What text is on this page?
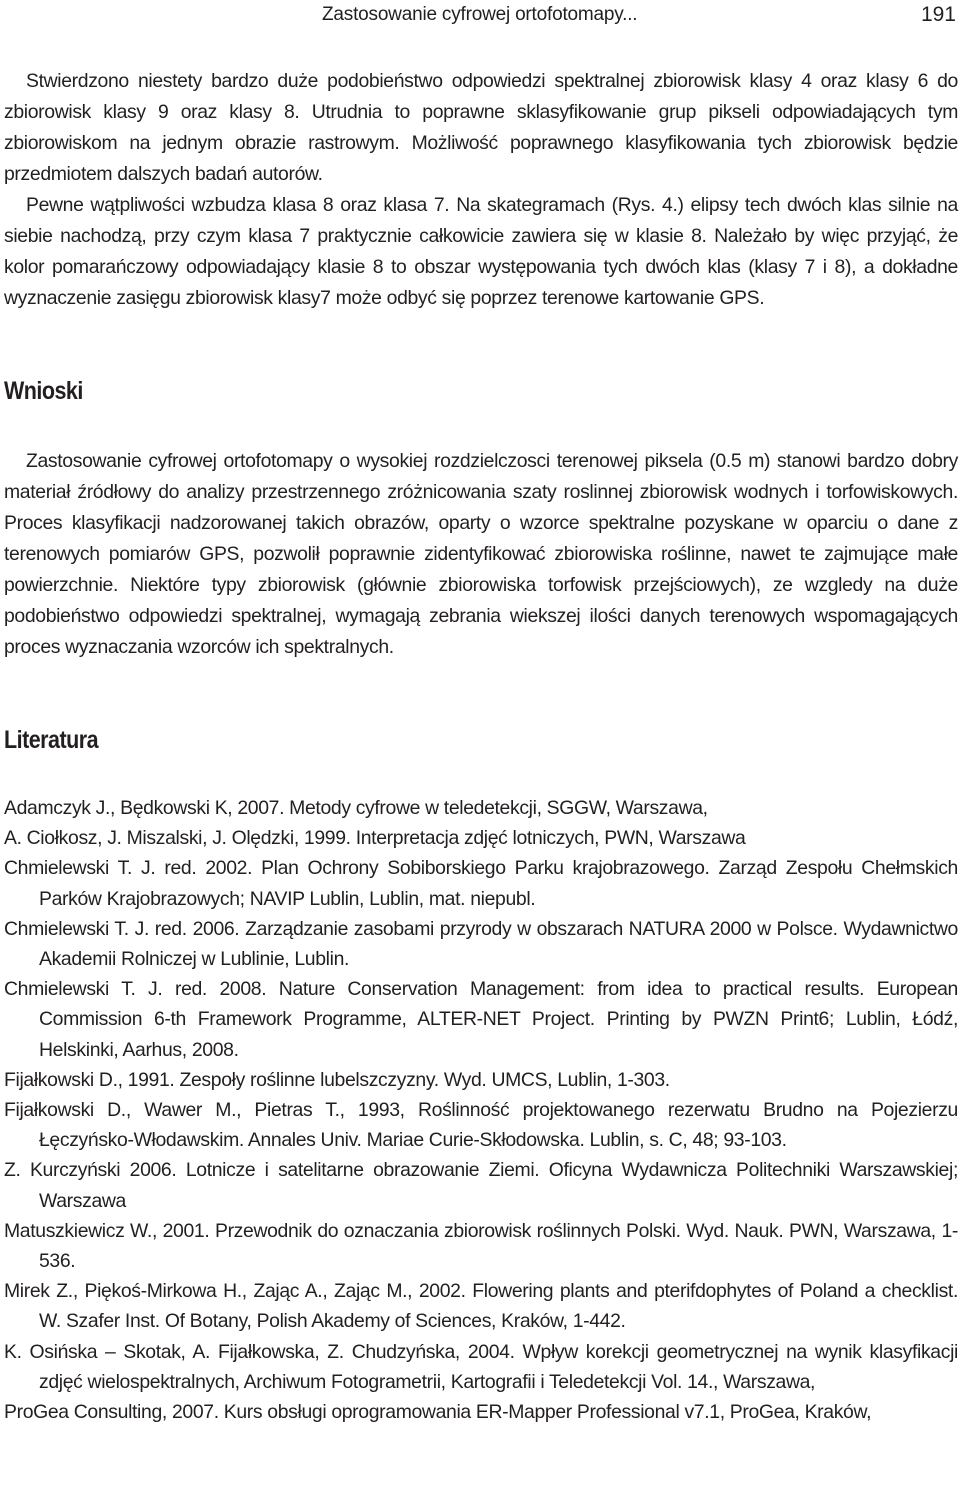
Zastosowanie cyfrowej ortofotomapy...	191

Stwierdzono niestety bardzo duże podobieństwo odpowiedzi spektralnej zbiorowisk klasy 4 oraz klasy 6 do zbiorowisk klasy 9 oraz klasy 8. Utrudnia to poprawne sklasyfikowanie grup pikseli odpowiadających tym zbiorowiskom na jednym obrazie rastrowym. Możliwość poprawnego klasyfikowania tych zbiorowisk będzie przedmiotem dalszych badań autorów.

Pewne wątpliwości wzbudza klasa 8 oraz klasa 7. Na skategramach (Rys. 4.) elipsy tech dwóch klas silnie na siebie nachodzą, przy czym klasa 7 praktycznie całkowicie zawiera się w klasie 8. Należało by więc przyjąć, że kolor pomarańczowy odpowiadający klasie 8 to obszar występowania tych dwóch klas (klasy 7 i 8), a dokładne wyznaczenie zasięgu zbiorowisk klasy7 może odbyć się poprzez terenowe kartowanie GPS.

Wnioski

Zastosowanie cyfrowej ortofotomapy o wysokiej rozdzielczosci terenowej piksela (0.5 m) stanowi bardzo dobry materiał źródłowy do analizy przestrzennego zróżnicowania szaty roslinnej zbiorowisk wodnych i torfowiskowych. Proces klasyfikacji nadzorowanej takich obrazów, oparty o wzorce spektralne pozyskane w oparciu o dane z terenowych pomiarów GPS, pozwolił poprawnie zidentyfikować zbiorowiska roślinne, nawet te zajmujące małe powierzchnie. Niektóre typy zbiorowisk (głównie zbiorowiska torfowisk przejściowych), ze wzgledy na duże podobieństwo odpowiedzi spektralnej, wymagają zebrania wiekszej ilości danych terenowych wspomagających proces wyznaczania wzorców ich spektralnych.

Literatura
Adamczyk J., Będkowski K, 2007. Metody cyfrowe w teledetekcji, SGGW, Warszawa,
A. Ciołkosz, J. Miszalski, J. Olędzki, 1999. Interpretacja zdjęć lotniczych, PWN, Warszawa
Chmielewski T. J. red. 2002. Plan Ochrony Sobiborskiego Parku krajobrazowego. Zarząd Zespołu Chełmskich Parków Krajobrazowych; NAVIP Lublin, Lublin, mat. niepubl.
Chmielewski T. J. red. 2006. Zarządzanie zasobami przyrody w obszarach NATURA 2000 w Polsce. Wydawnictwo Akademii Rolniczej w Lublinie, Lublin.
Chmielewski T. J. red. 2008. Nature Conservation Management: from idea to practical results. European Commission 6-th Framework Programme, ALTER-NET Project. Printing by PWZN Print6; Lublin, Łódź, Helskinki, Aarhus, 2008.
Fijałkowski D., 1991. Zespoły roślinne lubelszczyzny. Wyd. UMCS, Lublin, 1-303.
Fijałkowski D., Wawer M., Pietras T., 1993, Roślinność projektowanego rezerwatu Brudno na Pojezierzu Łęczyńsko-Włodawskim. Annales Univ. Mariae Curie-Skłodowska. Lublin, s. C, 48; 93-103.
Z. Kurczyński 2006. Lotnicze i satelitarne obrazowanie Ziemi. Oficyna Wydawnicza Politechniki Warszawskiej; Warszawa
Matuszkiewicz W., 2001. Przewodnik do oznaczania zbiorowisk roślinnych Polski. Wyd. Nauk. PWN, Warszawa, 1-536.
Mirek Z., Piękoś-Mirkowa H., Zając A., Zając M., 2002. Flowering plants and pterifdophytes of Poland a checklist. W. Szafer Inst. Of Botany, Polish Akademy of Sciences, Kraków, 1-442.
K. Osińska – Skotak, A. Fijałkowska, Z. Chudzyńska, 2004. Wpływ korekcji geometrycznej na wynik klasyfikacji zdjęć wielospektralnych, Archiwum Fotogrametrii, Kartografii i Teledetekcji Vol. 14., Warszawa,
ProGea Consulting, 2007. Kurs obsługi oprogramowania ER-Mapper Professional v7.1, ProGea, Kraków,
